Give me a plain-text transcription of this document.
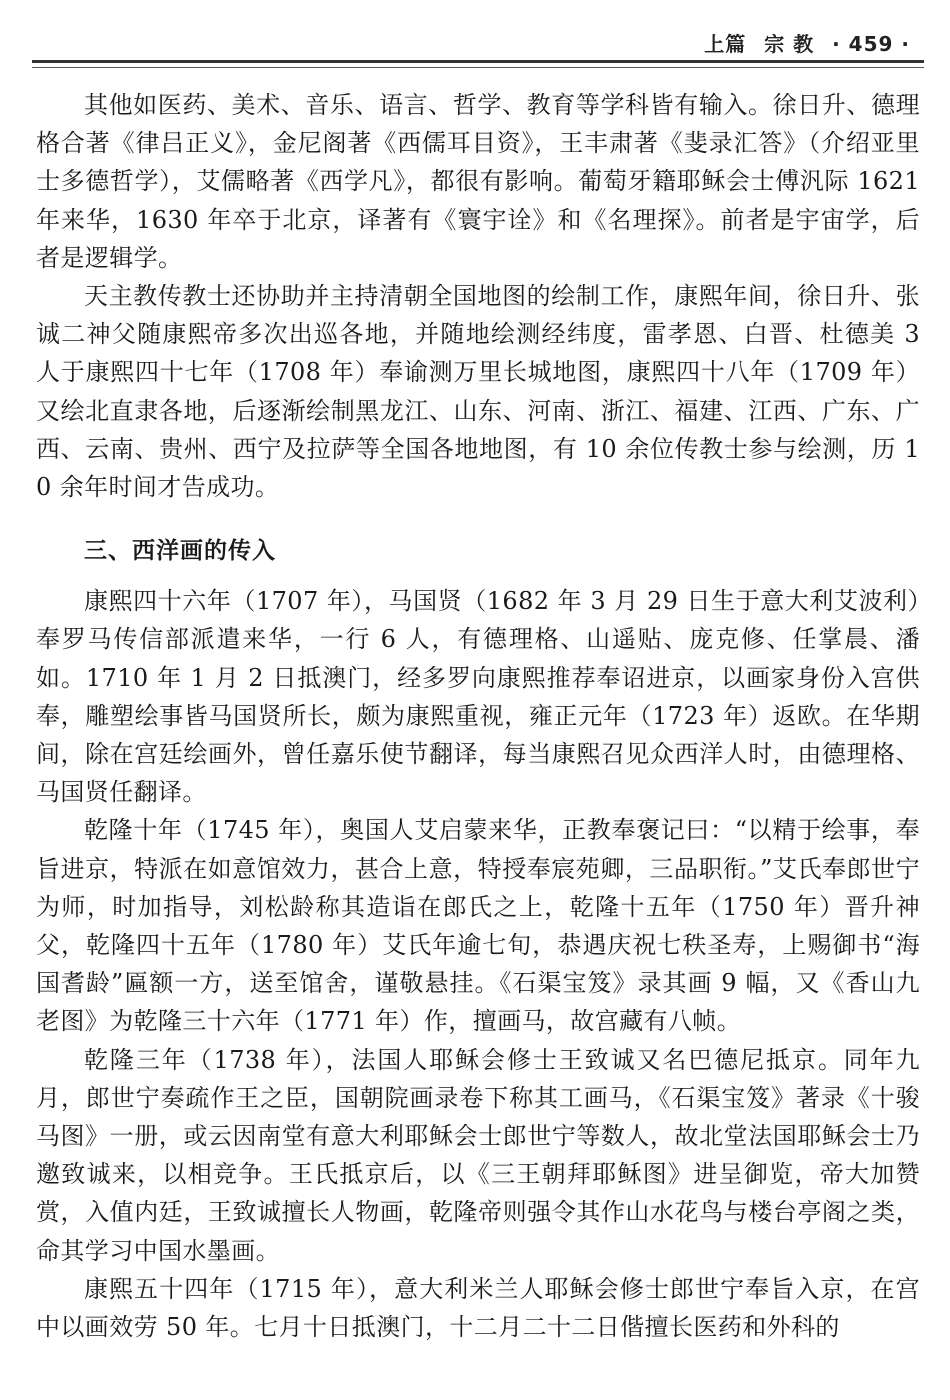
上篇 宗 教 · 459 ·

其他如医药、美术、音乐、语言、哲学、教育等学科皆有输入。徐日升、德理格合著《律吕正义》，金尼阁著《西儒耳目资》，王丰肃著《斐录汇答》（介绍亚里士多德哲学），艾儒略著《西学凡》，都很有影响。葡萄牙籍耶稣会士傅汎际 1621 年来华，1630 年卒于北京，译著有《寰宇诠》和《名理探》。前者是宇宙学，后者是逻辑学。

天主教传教士还协助并主持清朝全国地图的绘制工作，康熙年间，徐日升、张诚二神父随康熙帝多次出巡各地，并随地绘测经纬度，雷孝恩、白晋、杜德美 3 人于康熙四十七年（1708 年）奉谕测万里长城地图，康熙四十八年（1709 年）又绘北直隶各地，后逐渐绘制黑龙江、山东、河南、浙江、福建、江西、广东、广西、云南、贵州、西宁及拉萨等全国各地地图，有 10 余位传教士参与绘测，历 10 余年时间才告成功。

三、西洋画的传入

康熙四十六年（1707 年），马国贤（1682 年 3 月 29 日生于意大利艾波利）奉罗马传信部派遣来华，一行 6 人，有德理格、山遥贴、庞克修、任掌晨、潘如。1710 年 1 月 2 日抵澳门，经多罗向康熙推荐奉诏进京，以画家身份入宫供奉，雕塑绘事皆马国贤所长，颇为康熙重视，雍正元年（1723 年）返欧。在华期间，除在宫廷绘画外，曾任嘉乐使节翻译，每当康熙召见众西洋人时，由德理格、马国贤任翻译。

乾隆十年（1745 年），奥国人艾启蒙来华，正教奉褒记曰：“以精于绘事，奉旨进京，特派在如意馆效力，甚合上意，特授奉宸苑卿，三品职衔。”艾氏奉郎世宁为师，时加指导，刘松龄称其造诣在郎氏之上，乾隆十五年（1750 年）晋升神父，乾隆四十五年（1780 年）艾氏年逾七旬，恭遇庆祝七秩圣寿，上赐御书“海国耆龄”匾额一方，送至馆舍，谨敬悬挂。《石渠宝笈》录其画 9 幅，又《香山九老图》为乾隆三十六年（1771 年）作，擅画马，故宫藏有八帧。

乾隆三年（1738 年），法国人耶稣会修士王致诚又名巴德尼抵京。同年九月，郎世宁奏疏作王之臣，国朝院画录卷下称其工画马，《石渠宝笈》著录《十骏马图》一册，或云因南堂有意大利耶稣会士郎世宁等数人，故北堂法国耶稣会士乃邀致诚来，以相竞争。王氏抵京后，以《三王朝拜耶稣图》进呈御览，帝大加赞赏，入值内廷，王致诚擅长人物画，乾隆帝则强令其作山水花鸟与楼台亭阁之类，命其学习中国水墨画。

康熙五十四年（1715 年），意大利米兰人耶稣会修士郎世宁奉旨入京，在宫中以画效劳 50 年。七月十日抵澳门，十二月二十二日偕擅长医药和外科的
